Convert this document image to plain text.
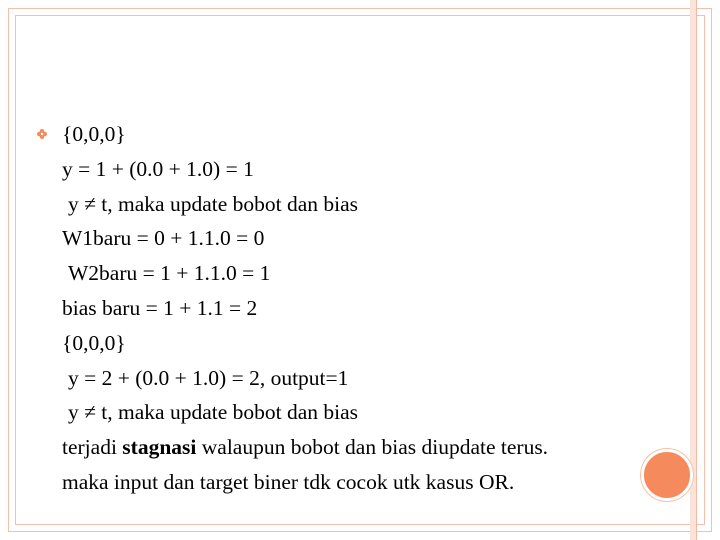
{0,0,0}
y = 1 + (0.0 + 1.0) = 1
y ≠ t, maka update bobot dan bias
W1baru = 0 + 1.1.0 = 0
W2baru = 1 + 1.1.0 = 1
bias baru = 1 + 1.1 = 2
{0,0,0}
y = 2 + (0.0 + 1.0) = 2, output=1
y ≠ t, maka update bobot dan bias
terjadi stagnasi walaupun bobot dan bias diupdate terus.
maka input dan target biner tdk cocok utk kasus OR.
